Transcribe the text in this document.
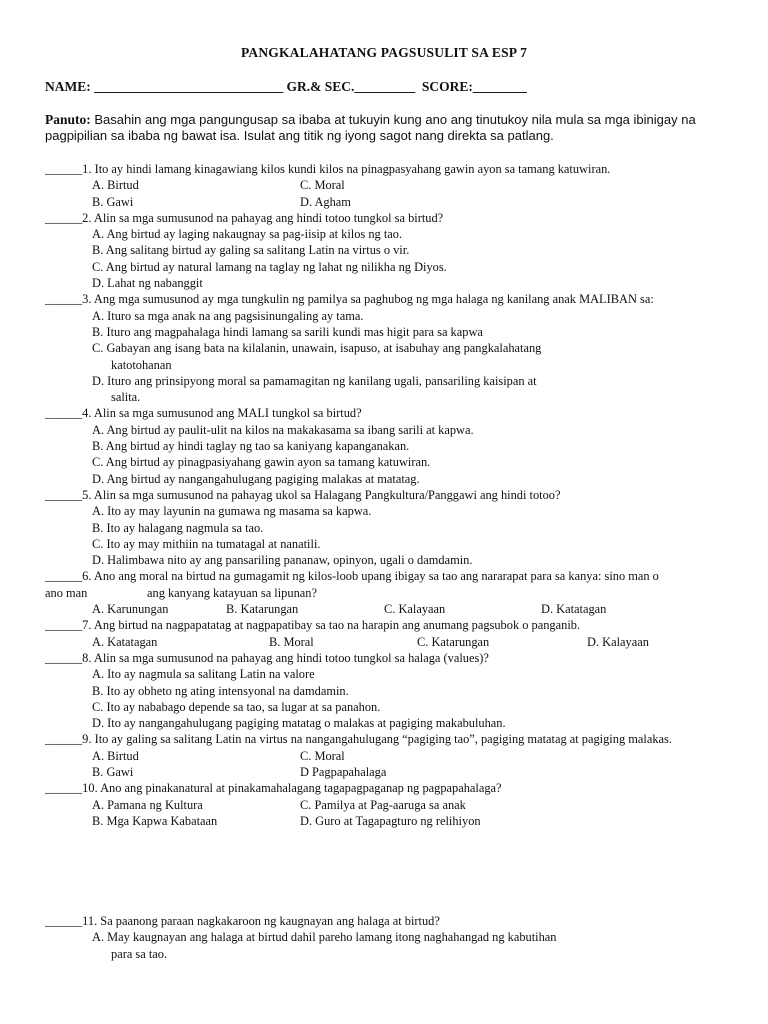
PANGKALAHATANG PAGSUSULIT SA ESP 7
NAME: ____________________________ GR.& SEC._________  SCORE:________
Panuto: Basahin ang mga pangungusap sa ibaba at tukuyin kung ano ang tinutukoy nila mula sa mga ibinigay na pagpipilian sa ibaba ng bawat isa. Isulat ang titik ng iyong sagot nang direkta sa patlang.
______1. Ito ay hindi lamang kinagawiang kilos kundi kilos na pinagpasyahang gawin ayon sa tamang katuwiran.
A. Birtud	C. Moral
B. Gawi	D. Agham
______2. Alin sa mga sumusunod na pahayag ang hindi totoo tungkol sa birtud?
A. Ang birtud ay laging nakaugnay sa pag-iisip at kilos ng tao.
B. Ang salitang birtud ay galing sa salitang Latin na virtus o vir.
C. Ang birtud ay natural lamang na taglay ng lahat ng nilikha ng Diyos.
D. Lahat ng nabanggit
______3. Ang mga sumusunod ay mga tungkulin ng pamilya sa paghubog ng mga halaga ng kanilang anak MALIBAN sa:
A. Ituro sa mga anak na ang pagsisinungaling ay tama.
B. Ituro ang magpahalaga hindi lamang sa sarili kundi mas higit para sa kapwa
C. Gabayan ang isang bata na kilalanin, unawain, isapuso, at isabuhay ang pangkalahatang
katotohanan
D. Ituro ang prinsipyong moral sa pamamagitan ng kanilang ugali, pansariling kaisipan at
salita.
______4. Alin sa mga sumusunod ang MALI tungkol sa birtud?
A. Ang birtud ay paulit-ulit na kilos na makakasama sa ibang sarili at kapwa.
B. Ang birtud ay hindi taglay ng tao sa kaniyang kapanganakan.
C. Ang birtud ay pinagpasiyahang gawin ayon sa tamang katuwiran.
D. Ang birtud ay nangangahulugang pagiging malakas at matatag.
______5. Alin sa mga sumusunod na pahayag ukol sa Halagang Pangkultura/Panggawi ang hindi totoo?
A. Ito ay may layunin na gumawa ng masama sa kapwa.
B. Ito ay halagang nagmula sa tao.
C. Ito ay may mithiin na tumatagal at nanatili.
D. Halimbawa nito ay ang pansariling pananaw, opinyon, ugali o damdamin.
______6. Ano ang moral na birtud na gumagamit ng kilos-loob upang ibigay sa tao ang nararapat para sa kanya: sino man o
ano man	ang kanyang katayuan sa lipunan?
A. Karunungan	B. Katarungan	C. Kalayaan	D. Katatagan
______7. Ang birtud na nagpapatatag at nagpapatibay sa tao na harapin ang anumang pagsubok o panganib.
A. Katatagan	B. Moral	C. Katarungan	D. Kalayaan
______8. Alin sa mga sumusunod na pahayag ang hindi totoo tungkol sa halaga (values)?
A. Ito ay nagmula sa salitang Latin na valore
B. Ito ay obheto ng ating intensyonal na damdamin.
C. Ito ay nababago depende sa tao, sa lugar at sa panahon.
D. Ito ay nangangahulugang pagiging matatag o malakas at pagiging makabuluhan.
______9. Ito ay galing sa salitang Latin na virtus na nangangahulugang “pagiging tao”, pagiging matatag at pagiging malakas.
A. Birtud	C. Moral
B. Gawi	D Pagpapahalaga
______10. Ano ang pinakanatural at pinakamahalagang tagapagpaganap ng pagpapahalaga?
A. Pamana ng Kultura	C. Pamilya at Pag-aaruga sa anak
B. Mga Kapwa Kabataan	D. Guro at Tagapagturo ng relihiyon
______11. Sa paanong paraan nagkakaroon ng kaugnayan ang halaga at birtud?
A. May kaugnayan ang halaga at birtud dahil pareho lamang itong naghahangad ng kabutihan
para sa tao.
